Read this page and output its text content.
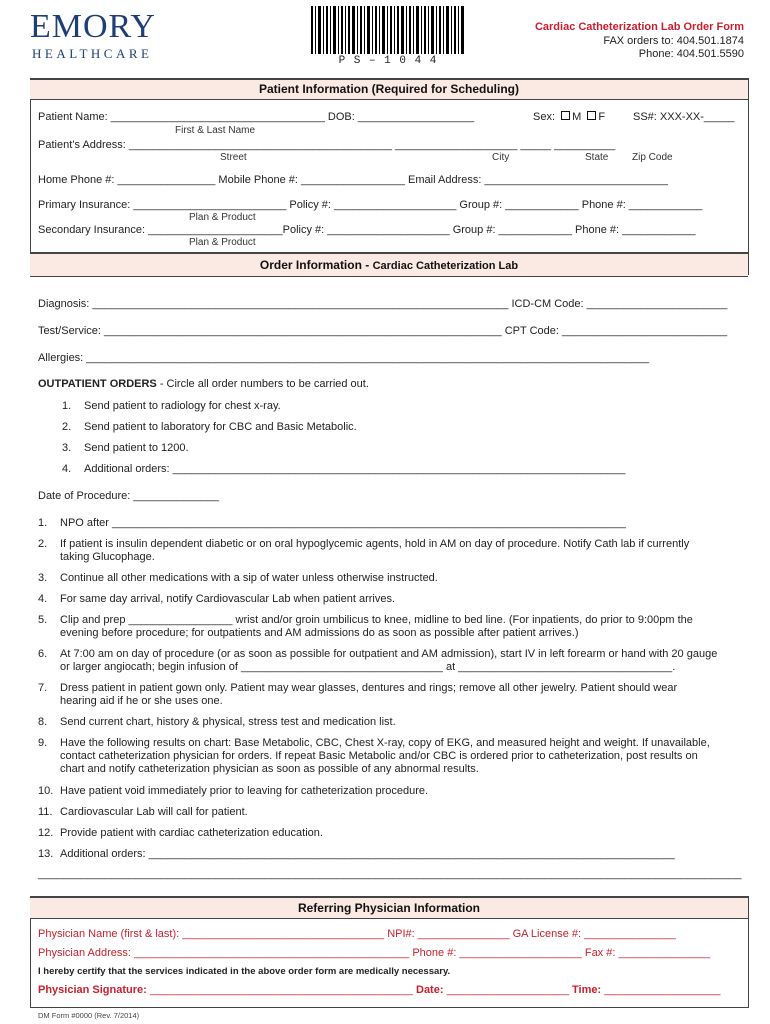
EMORY
HEALTHCARE	P S – 1 0 4 4
Cardiac Catheterization Lab Order Form
FAX orders to: 404.501.1874
Phone: 404.501.5590
Patient Information (Required for Scheduling)
Patient Name: ___________________________________ DOB: ___________________	Sex: M F	SS#: XXX-XX-_____
First & Last Name
Patient’s Address: ___________________________________________ ____________________ _____ __________
Street	City	State Zip Code
Home Phone #: ________________ Mobile Phone #: _________________ Email Address: ______________________________
Primary Insurance: _________________________ Policy #: ____________________ Group #: ____________ Phone #: ____________
Plan & Product
Secondary Insurance: ______________________Policy #: ____________________ Group #: ____________ Phone #: ____________
Plan & Product
Order Information - Cardiac Catheterization Lab
Diagnosis: ____________________________________________________________________ ICD-CM Code: _______________________
Test/Service: _________________________________________________________________ CPT Code: ___________________________
Allergies: ____________________________________________________________________________________________
OUTPATIENT ORDERS - Circle all order numbers to be carried out.
1. Send patient to radiology for chest x-ray.
2. Send patient to laboratory for CBC and Basic Metabolic.
3. Send patient to 1200.
4. Additional orders: __________________________________________________________________________
Date of Procedure: ______________
1. NPO after ____________________________________________________________________________________
2. If patient is insulin dependent diabetic or on oral hypoglycemic agents, hold in AM on day of procedure. Notify Cath lab if currently
taking Glucophage.
3. Continue all other medications with a sip of water unless otherwise instructed.
4. For same day arrival, notify Cardiovascular Lab when patient arrives.
5. Clip and prep _________________ wrist and/or groin umbilicus to knee, midline to bed line. (For inpatients, do prior to 9:00pm the
evening before procedure; for outpatients and AM admissions do as soon as possible after patient arrives.)
6. At 7:00 am on day of procedure (or as soon as possible for outpatient and AM admission), start IV in left forearm or hand with 20 gauge
or larger angiocath; begin infusion of _________________________________ at ___________________________________.
7. Dress patient in patient gown only. Patient may wear glasses, dentures and rings; remove all other jewelry. Patient should wear
hearing aid if he or she uses one.
8. Send current chart, history & physical, stress test and medication list.
9. Have the following results on chart: Base Metabolic, CBC, Chest X-ray, copy of EKG, and measured height and weight. If unavailable,
contact catheterization physician for orders. If repeat Basic Metabolic and/or CBC is ordered prior to catheterization, post results on
chart and notify catheterization physician as soon as possible of any abnormal results.
10. Have patient void immediately prior to leaving for catheterization procedure.
11. Cardiovascular Lab will call for patient.
12. Provide patient with cardiac catheterization education.
13. Additional orders: ______________________________________________________________________________________
___________________________________________________________________________________________________________________
Referring Physician Information
Physician Name (first & last): _________________________________ NPI#: _______________ GA License #: _______________
Physician Address: _____________________________________________ Phone #: ____________________ Fax #: _______________
I hereby certify that the services indicated in the above order form are medically necessary.
Physician Signature: ___________________________________________ Date: ____________________ Time: ___________________
DM Form #0000 (Rev. 7/2014)
